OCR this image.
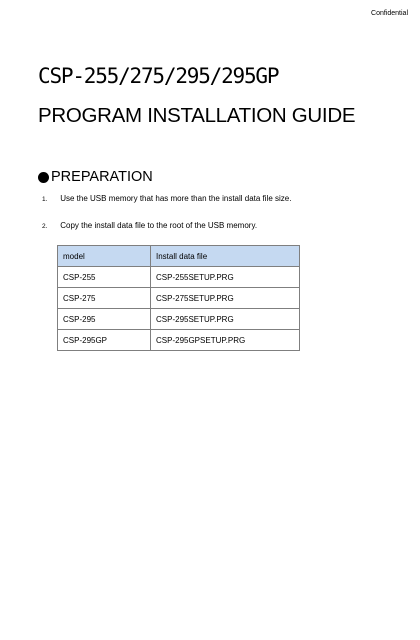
Confidential
CSP-255/275/295/295GP
PROGRAM INSTALLATION GUIDE
PREPARATION
1. Use the USB memory that has more than the install data file size.
2. Copy the install data file to the root of the USB memory.
model	Install data file
CSP-255	CSP-255SETUP.PRG
CSP-275	CSP-275SETUP.PRG
CSP-295	CSP-295SETUP.PRG
CSP-295GP	CSP-295GPSETUP.PRG
